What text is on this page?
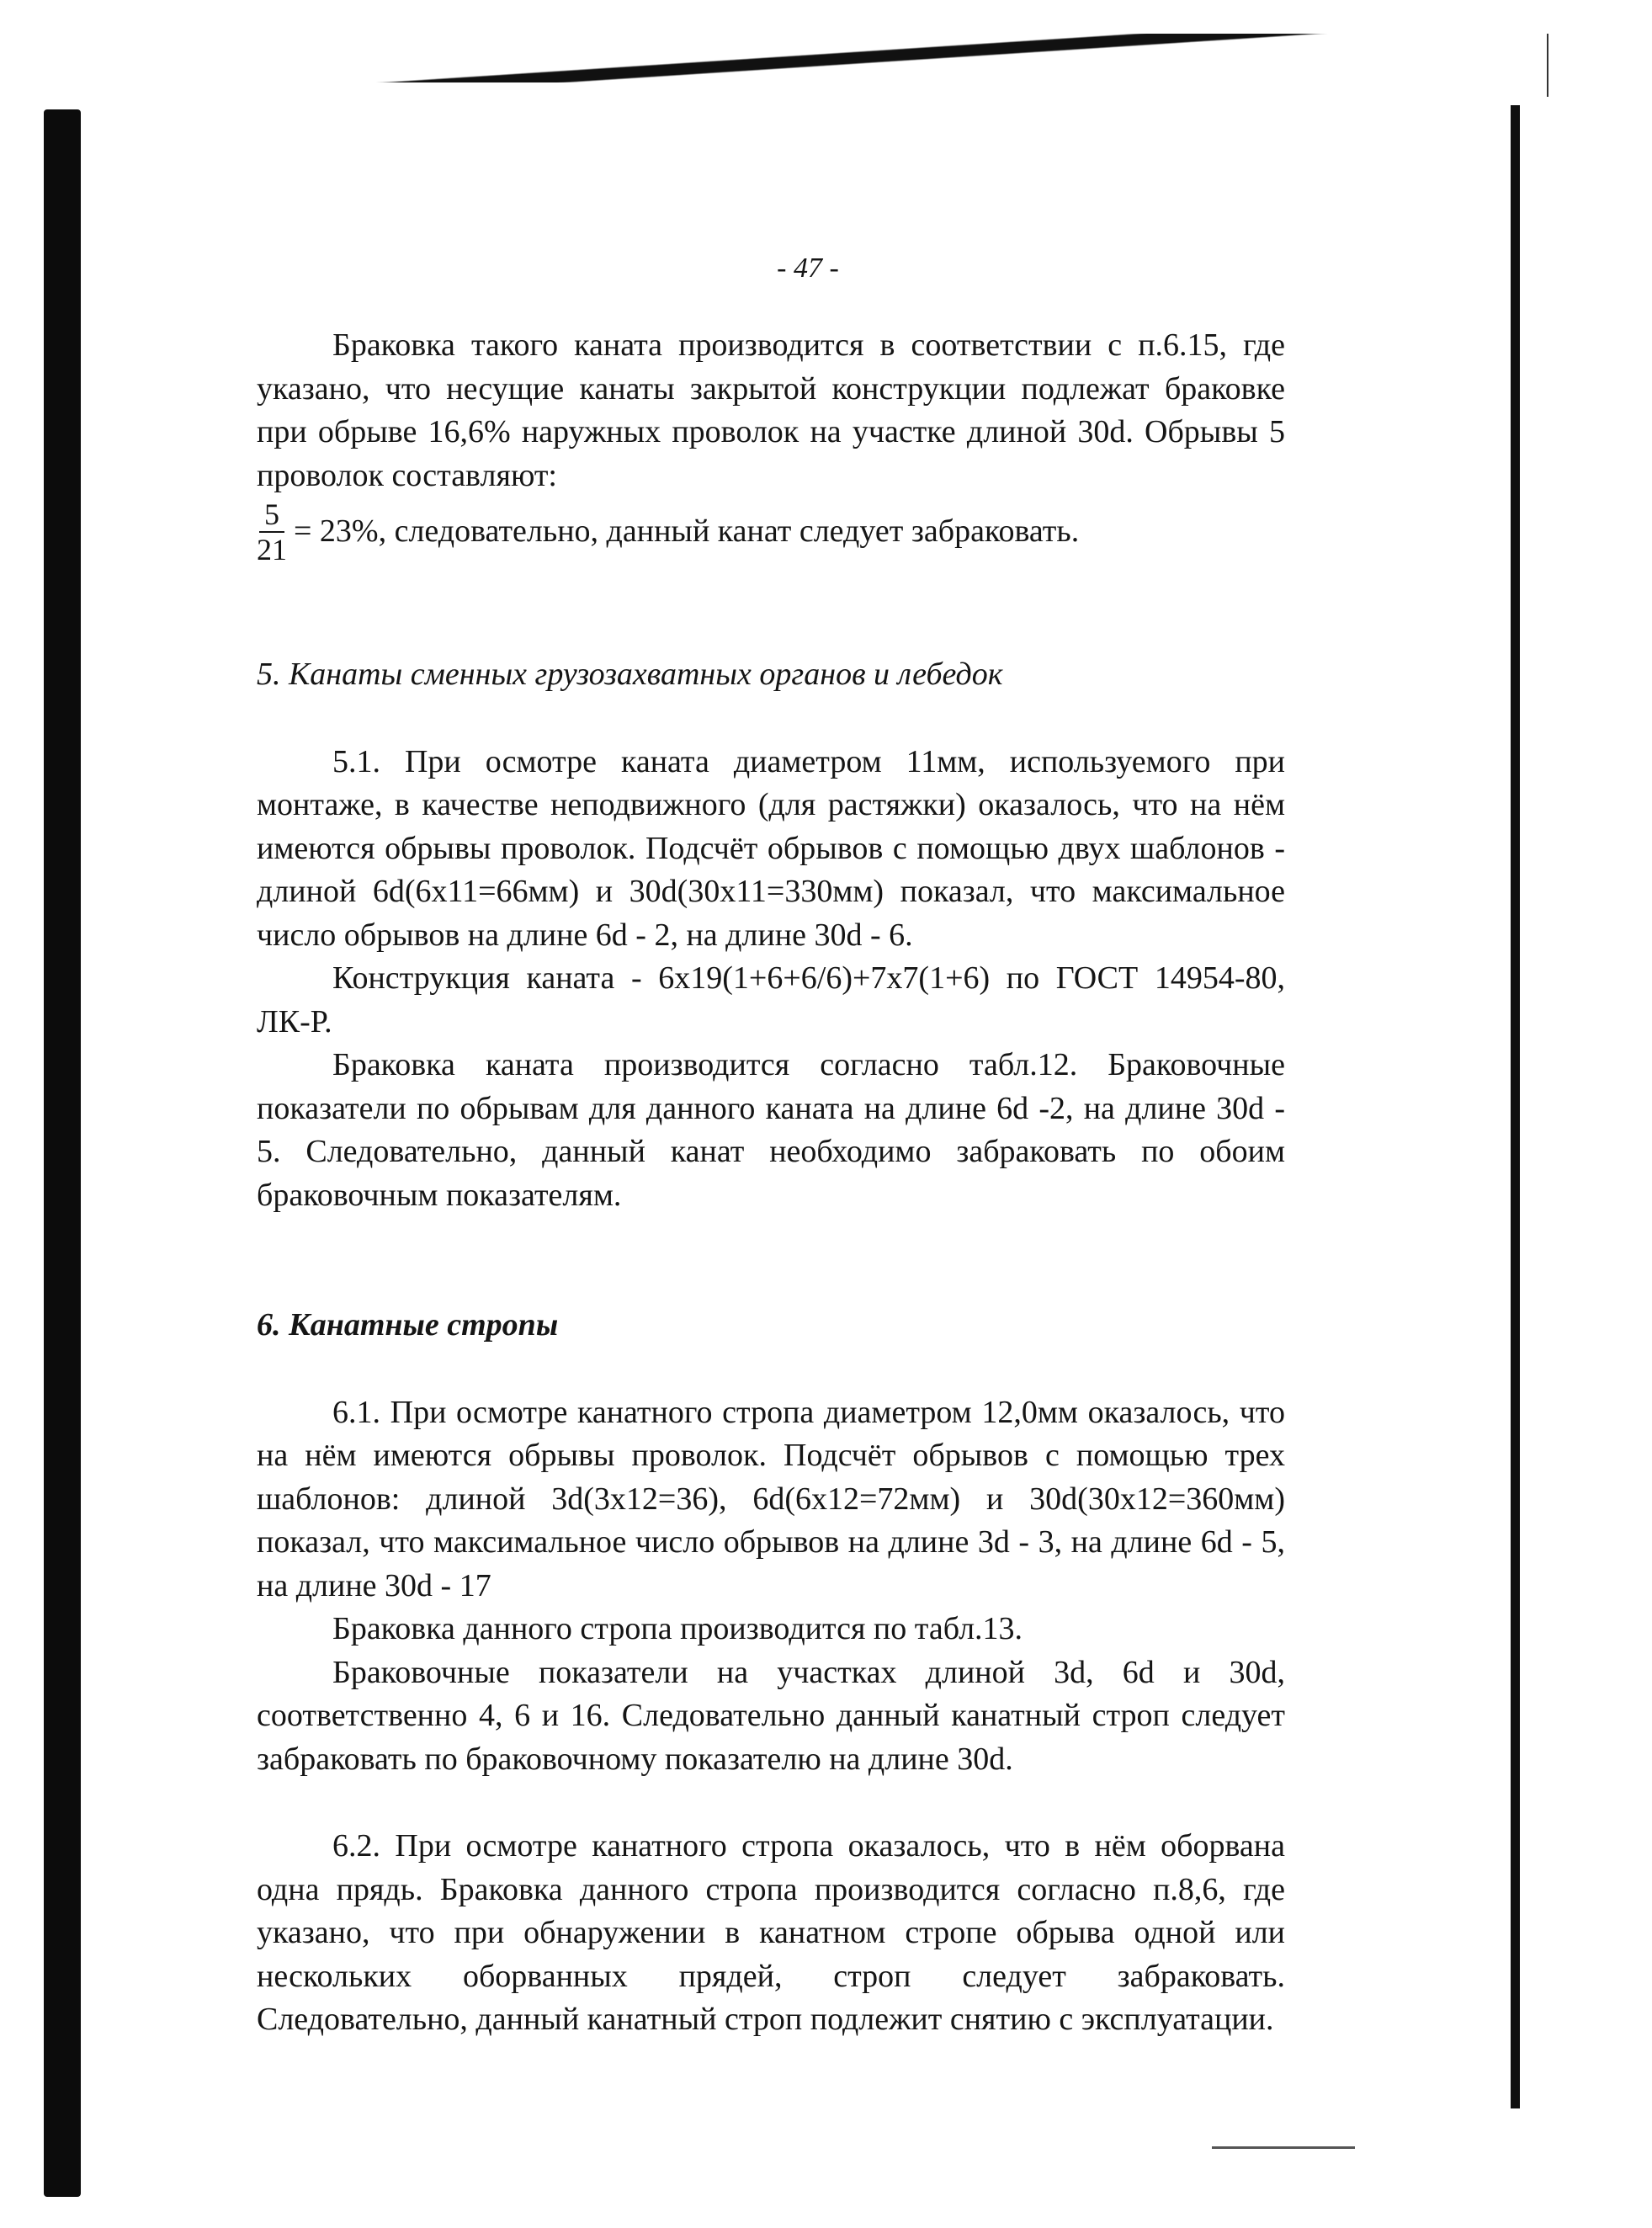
- 47 -

Браковка такого каната производится в соответствии с п.6.15, где указано, что несущие канаты закрытой конструкции подлежат браковке при обрыве 16,6% наружных проволок на участке длиной 30d. Обрывы 5 проволок составляют:

$\frac{5}{21} = 23\%$, следовательно, данный канат следует забраковать.

5. Канаты сменных грузозахватных органов и лебедок

5.1. При осмотре каната диаметром 11мм, используемого при монтаже, в качестве неподвижного (для растяжки) оказалось, что на нём имеются обрывы проволок. Подсчёт обрывов с помощью двух шаблонов - длиной 6d(6x11=66мм) и 30d(30x11=330мм) показал, что максимальное число обрывов на длине 6d - 2, на длине 30d - 6.

Конструкция каната - 6x19(1+6+6/6)+7x7(1+6) по ГОСТ 14954-80, ЛК-Р.

Браковка каната производится согласно табл.12. Браковочные показатели по обрывам для данного каната на длине 6d -2, на длине 30d - 5. Следовательно, данный канат необходимо забраковать по обоим браковочным показателям.

6. Канатные стропы

6.1. При осмотре канатного стропа диаметром 12,0мм оказалось, что на нём имеются обрывы проволок. Подсчёт обрывов с помощью трех шаблонов: длиной 3d(3x12=36), 6d(6x12=72мм) и 30d(30x12=360мм) показал, что максимальное число обрывов на длине 3d - 3, на длине 6d - 5, на длине 30d - 17

Браковка данного стропа производится по табл.13.

Браковочные показатели на участках длиной 3d, 6d и 30d, соответственно 4, 6 и 16. Следовательно данный канатный строп следует забраковать по браковочному показателю на длине 30d.

6.2. При осмотре канатного стропа оказалось, что в нём оборвана одна прядь. Браковка данного стропа производится согласно п.8,6, где указано, что при обнаружении в канатном стропе обрыва одной или нескольких оборванных прядей, строп следует забраковать. Следовательно, данный канатный строп подлежит снятию с эксплуатации.
